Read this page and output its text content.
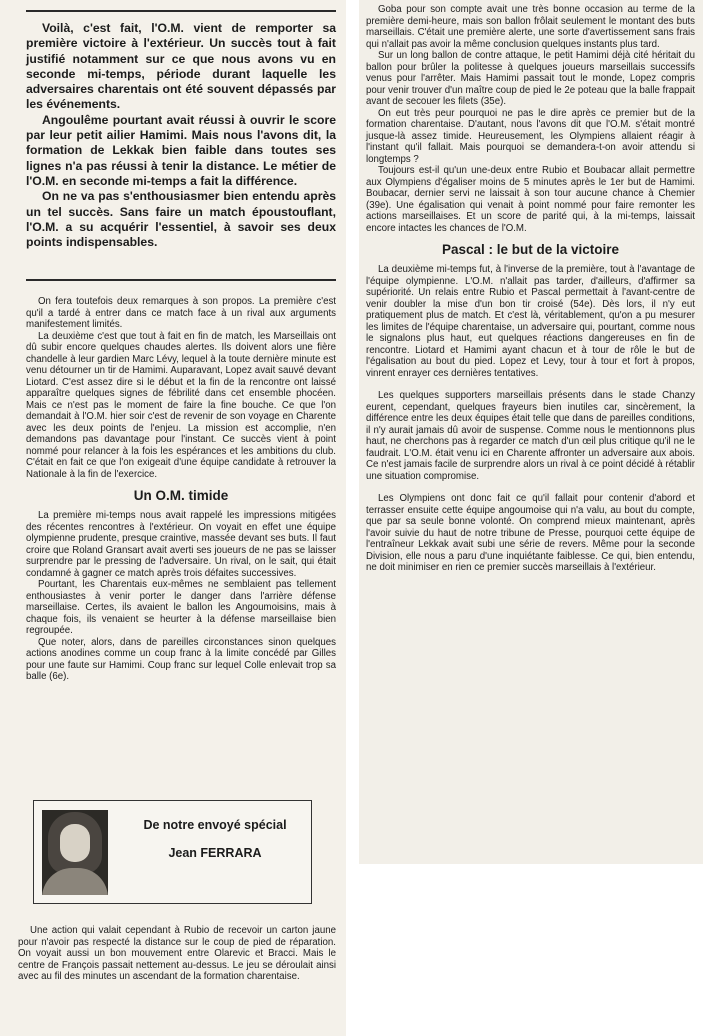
Voilà, c'est fait, l'O.M. vient de remporter sa première victoire à l'extérieur. Un succès tout à fait justifié notamment sur ce que nous avons vu en seconde mi-temps, période durant laquelle les adversaires charentais ont été souvent dépassés par les événements.

Angoulême pourtant avait réussi à ouvrir le score par leur petit ailier Hamimi. Mais nous l'avons dit, la formation de Lekkak bien faible dans toutes ses lignes n'a pas réussi à tenir la distance. Le métier de l'O.M. en seconde mi-temps a fait la différence.

On ne va pas s'enthousiasmer bien entendu après un tel succès. Sans faire un match époustouflant, l'O.M. a su acquérir l'essentiel, à savoir ses deux points indispensables.

On fera toutefois deux remarques à son propos. La première c'est qu'il a tardé à entrer dans ce match face à un rival aux arguments manifestement limités.

La deuxième c'est que tout à fait en fin de match, les Marseillais ont dû subir encore quelques chaudes alertes. Ils doivent alors une fière chandelle à leur gardien Marc Lévy, lequel à la toute dernière minute est venu détourner un tir de Hamimi. Auparavant, Lopez avait sauvé devant Liotard. C'est assez dire si le début et la fin de la rencontre ont laissé apparaître quelques signes de fébrilité dans cet ensemble phocéen. Mais ce n'est pas le moment de faire la fine bouche. Ce que l'on demandait à l'O.M. hier soir c'est de revenir de son voyage en Charente avec les deux points de l'enjeu. La mission est accomplie, n'en demandons pas davantage pour l'instant. Ce succès vient à point nommé pour relancer à la fois les espérances et les ambitions du club. C'était en fait ce que l'on exigeait d'une équipe candidate à retrouver la Nationale à la fin de l'exercice.

Un O.M. timide

La première mi-temps nous avait rappelé les impressions mitigées des récentes rencontres à l'extérieur. On voyait en effet une équipe olympienne prudente, presque craintive, massée devant ses buts. Il faut croire que Roland Gransart avait averti ses joueurs de ne pas se laisser surprendre par le pressing de l'adversaire. Un rival, on le sait, qui était condamné à gagner ce match après trois défaites successives.

Pourtant, les Charentais eux-mêmes ne semblaient pas tellement enthousiastes à venir porter le danger dans l'arrière défense marseillaise. Certes, ils avaient le ballon les Angoumoisins, mais à chaque fois, ils venaient se heurter à la défense marseillaise bien regroupée.

Que noter, alors, dans de pareilles circonstances sinon quelques actions anodines comme un coup franc à la limite concédé par Gilles pour une faute sur Hamimi. Coup franc sur lequel Colle enlevait trop sa balle (6e).

De notre envoyé spécial
Jean FERRARA

Une action qui valait cependant à Rubio de recevoir un carton jaune pour n'avoir pas respecté la distance sur le coup de pied de réparation. On voyait aussi un bon mouvement entre Olarevic et Bracci. Mais le centre de François passait nettement au-dessus. Le jeu se déroulait ainsi avec au fil des minutes un ascendant de la formation charentaise.

Goba pour son compte avait une très bonne occasion au terme de la première demi-heure, mais son ballon frôlait seulement le montant des buts marseillais. C'était une première alerte, une sorte d'avertissement sans frais qui n'allait pas avoir la même conclusion quelques instants plus tard.

Sur un long ballon de contre attaque, le petit Hamimi déjà cité héritait du ballon pour brûler la politesse à quelques joueurs marseillais successifs venus pour l'arrêter. Mais Hamimi passait tout le monde, Lopez compris pour venir trouver d'un maître coup de pied le 2e poteau que la balle frappait avant de secouer les filets (35e).

On eut très peur pourquoi ne pas le dire après ce premier but de la formation charentaise. D'autant, nous l'avons dit que l'O.M. s'était montré jusque-là assez timide. Heureusement, les Olympiens allaient réagir à l'instant qu'il fallait. Mais pourquoi se demandera-t-on avoir attendu si longtemps ?

Toujours est-il qu'un une-deux entre Rubio et Boubacar allait permettre aux Olympiens d'égaliser moins de 5 minutes après le 1er but de Hamimi. Boubacar, dernier servi ne laissait à son tour aucune chance à Chemier (39e). Une égalisation qui venait à point nommé pour faire remonter les actions marseillaises. Et un score de parité qui, à la mi-temps, laissait encore intactes les chances de l'O.M.

Pascal : le but de la victoire

La deuxième mi-temps fut, à l'inverse de la première, tout à l'avantage de l'équipe olympienne. L'O.M. n'allait pas tarder, d'ailleurs, d'affirmer sa supériorité. Un relais entre Rubio et Pascal permettait à l'avant-centre de venir doubler la mise d'un bon tir croisé (54e). Dès lors, il n'y eut pratiquement plus de match. Et c'est là, véritablement, qu'on a pu mesurer les limites de l'équipe charentaise, un adversaire qui, pourtant, comme nous le signalons plus haut, eut quelques réactions dangereuses en fin de rencontre. Liotard et Hamimi ayant chacun et à tour de rôle le but de l'égalisation au bout du pied. Lopez et Levy, tour à tour et fort à propos, vinrent enrayer ces dernières tentatives.

Les quelques supporters marseillais présents dans le stade Chanzy eurent, cependant, quelques frayeurs bien inutiles car, sincèrement, la différence entre les deux équipes était telle que dans de pareilles conditions, il n'y aurait jamais dû avoir de suspense. Comme nous le mentionnons plus haut, ne cherchons pas à regarder ce match d'un œil plus critique qu'il ne le faudrait. L'O.M. était venu ici en Charente affronter un adversaire aux abois. Ce n'est jamais facile de surprendre alors un rival à ce point décidé à rétablir une situation compromise.

Les Olympiens ont donc fait ce qu'il fallait pour contenir d'abord et terrasser ensuite cette équipe angoumoise qui n'a valu, au bout du compte, que par sa seule bonne volonté. On comprend mieux maintenant, après l'avoir suivie du haut de notre tribune de Presse, pourquoi cette équipe de l'entraîneur Lekkak avait subi une série de revers. Même pour la seconde Division, elle nous a paru d'une inquiétante faiblesse. Ce qui, bien entendu, ne doit minimiser en rien ce premier succès marseillais à l'extérieur.
